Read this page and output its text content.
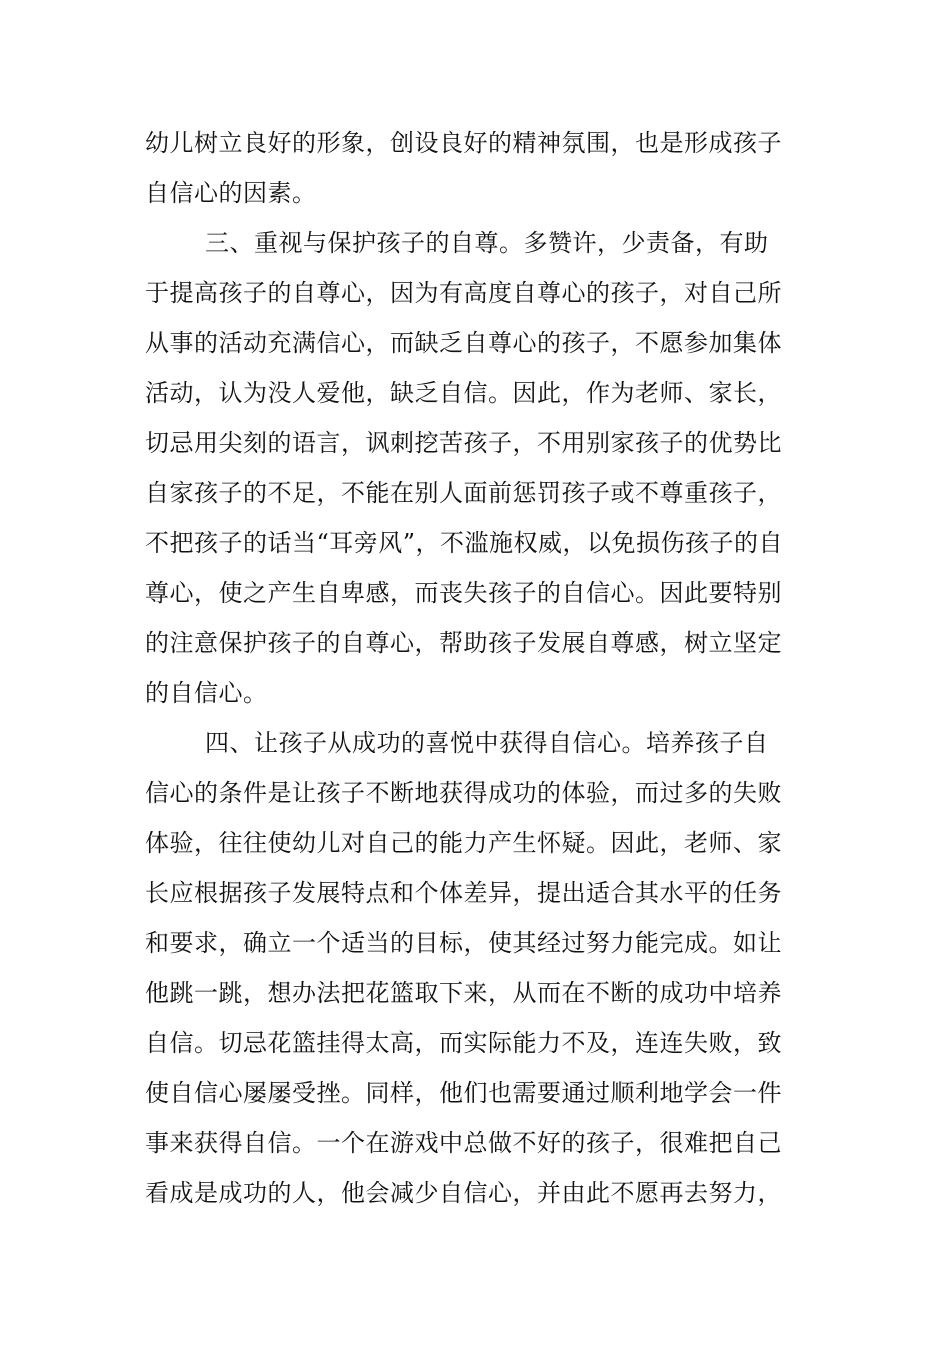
幼儿树立良好的形象，创设良好的精神氛围，也是形成孩子
自信心的因素。
三、重视与保护孩子的自尊。多赞许，少责备，有助
于提高孩子的自尊心，因为有高度自尊心的孩子，对自己所
从事的活动充满信心，而缺乏自尊心的孩子，不愿参加集体
活动，认为没人爱他，缺乏自信。因此，作为老师、家长，
切忌用尖刻的语言，讽刺挖苦孩子，不用别家孩子的优势比
自家孩子的不足，不能在别人面前惩罚孩子或不尊重孩子，
不把孩子的话当“耳旁风”，不滥施权威，以免损伤孩子的自
尊心，使之产生自卑感，而丧失孩子的自信心。因此要特别
的注意保护孩子的自尊心，帮助孩子发展自尊感，树立坚定
的自信心。
四、让孩子从成功的喜悦中获得自信心。培养孩子自
信心的条件是让孩子不断地获得成功的体验，而过多的失败
体验，往往使幼儿对自己的能力产生怀疑。因此，老师、家
长应根据孩子发展特点和个体差异，提出适合其水平的任务
和要求，确立一个适当的目标，使其经过努力能完成。如让
他跳一跳，想办法把花篮取下来，从而在不断的成功中培养
自信。切忌花篮挂得太高，而实际能力不及，连连失败，致
使自信心屡屡受挫。同样，他们也需要通过顺利地学会一件
事来获得自信。一个在游戏中总做不好的孩子，很难把自己
看成是成功的人，他会减少自信心，并由此不愿再去努力，
